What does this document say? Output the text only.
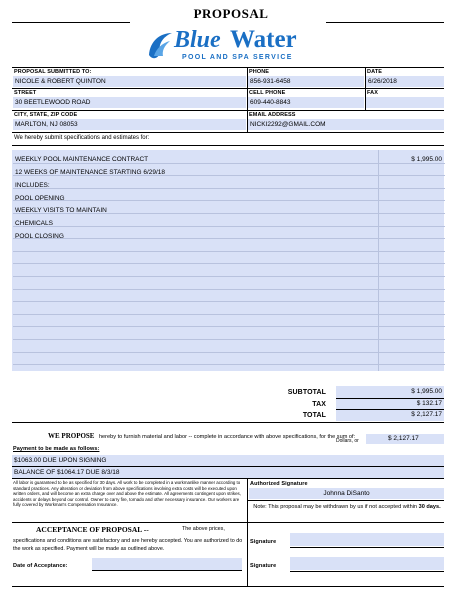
PROPOSAL
Blue Water
POOL AND SPA SERVICE
PROPOSAL SUBMITTED TO:
NICOLE & ROBERT QUINTON
PHONE
856-931-6458
DATE
6/26/2018
STREET
30 BEETLEWOOD ROAD
CELL PHONE
609-440-8843
FAX
CITY, STATE, ZIP CODE
MARLTON, NJ 08053
EMAIL ADDRESS
NICKI2292@GMAIL.COM
We hereby submit specifications and estimates for:
WEEKLY POOL MAINTENANCE CONTRACT	$ 1,995.00
12 WEEKS OF MAINTENANCE STARTING 6/29/18
INCLUDES:
POOL OPENING
WEEKLY VISITS TO MAINTAIN
CHEMICALS
POOL CLOSING
SUBTOTAL	$ 1,995.00
TAX	$ 132.17
TOTAL	$ 2,127.17
WE PROPOSE hereby to furnish material and labor -- complete in accordance with above specifications, for the sum of:
Dollars, or	$ 2,127.17
Payment to be made as follows:
$1063.00 DUE UPON SIGNING
BALANCE OF $1064.17 DUE 8/3/18
All labor is guaranteed to be as specified for 30 days. All work to be completed in a workmanlike manner according to standard practices. Any alteration or deviation from above specifications involving extra costs will be executed upon written orders, and will become an extra charge over and above the estimate. All agreements contingent upon strikes, accidents or delays beyond our control. Owner to carry fire, tornado and other necessary insurance. Our workers are fully covered by Workman's Compensation Insurance.
Authorized Signature
Johnna DiSanto
Note: This proposal may be withdrawn by us if not accepted within 30 days.
ACCEPTANCE OF PROPOSAL --	The above prices,
specifications and conditions are satisfactory and are hereby accepted. You are authorized to do the work as specified. Payment will be made as outlined above.
Signature
Date of Acceptance:	Signature
